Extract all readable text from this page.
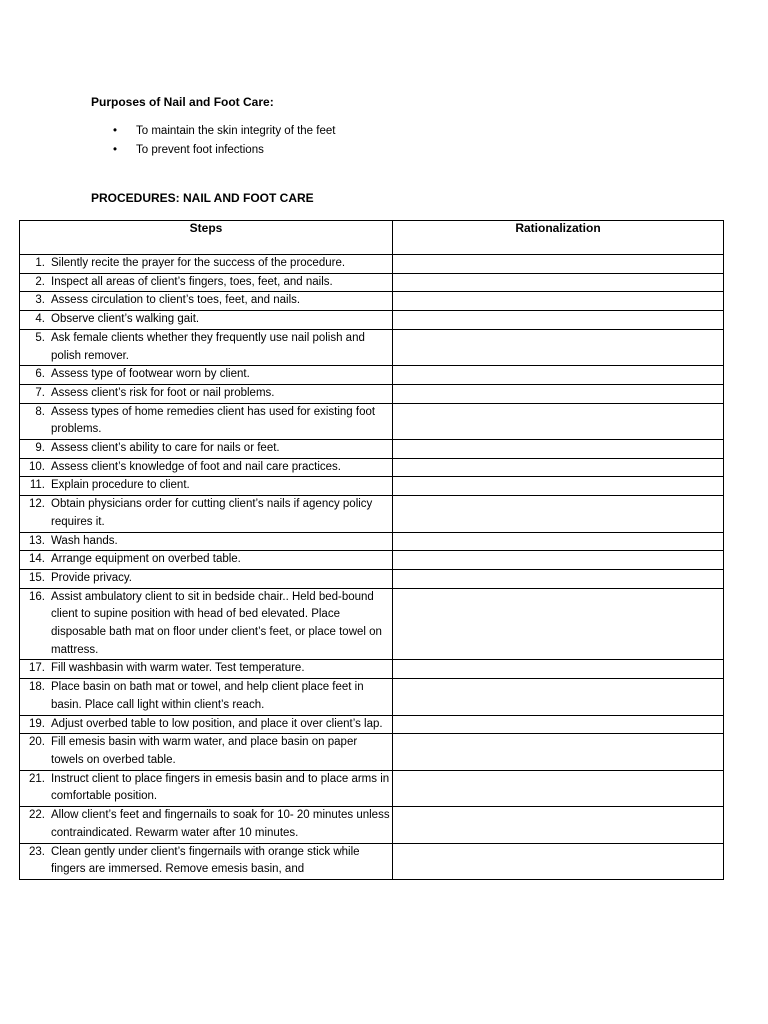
Purposes of Nail and Foot Care:
•	To maintain the skin integrity of the feet
•	To prevent foot infections
PROCEDURES: NAIL AND FOOT CARE
Steps	Rationalization

1. Silently recite the prayer for the success of the procedure.	

2. Inspect all areas of client’s fingers, toes, feet, and nails.	

3. Assess circulation to client’s toes, feet, and nails.	

4. Observe client’s walking gait.	

5. Ask female clients whether they frequently use nail polish and polish remover.	

6. Assess type of footwear worn by client.	

7. Assess client’s risk for foot or nail problems.	

8. Assess types of home remedies client has used for existing foot problems.	

9. Assess client’s ability to care for nails or feet.	

10. Assess client’s knowledge of foot and nail care practices.	

11. Explain procedure to client.	

12. Obtain physicians order for cutting client’s nails if agency policy requires it.	

13. Wash hands.	

14. Arrange equipment on overbed table.	

15. Provide privacy.	

16. Assist ambulatory client to sit in bedside chair.. Held bed-bound client to supine position with head of bed elevated. Place disposable bath mat on floor under client’s feet, or place towel on mattress.	

17. Fill washbasin with warm water. Test temperature.	

18. Place basin on bath mat or towel, and help client place feet in basin. Place call light within client’s reach.	

19. Adjust overbed table to low position, and place it over client’s lap.	

20. Fill emesis basin with warm water, and place basin on paper towels on overbed table.	

21. Instruct client to place fingers in emesis basin and to place arms in comfortable position.	

22. Allow client’s feet and fingernails to soak for 10- 20 minutes unless contraindicated. Rewarm water after 10 minutes.	

23. Clean gently under client’s fingernails with orange stick while fingers are immersed. Remove emesis basin, and	
